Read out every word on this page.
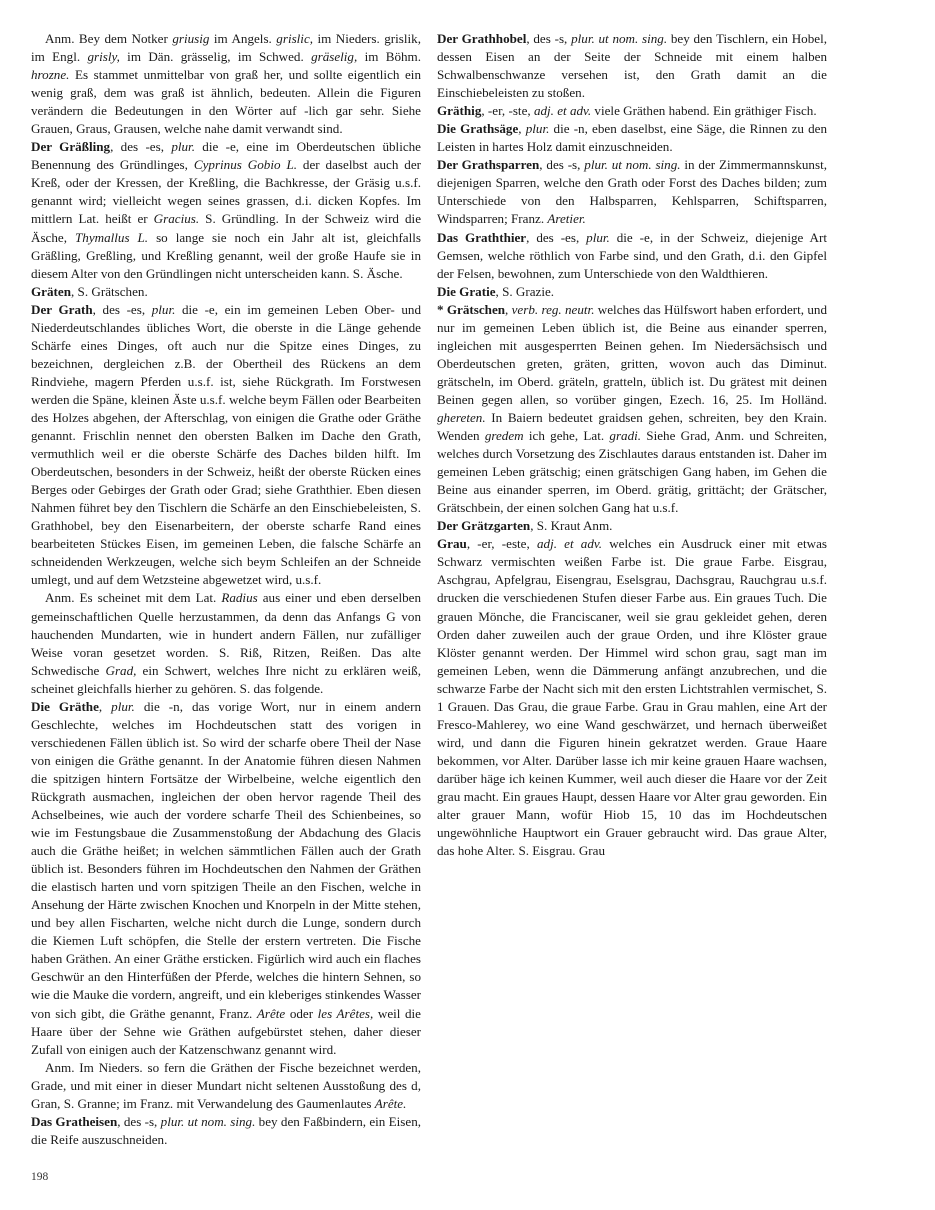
Anm. Bey dem Notker griusig im Angels. grislic, im Nieders. grislik, im Engl. grisly, im Dän. grässelig, im Schwed. gräselig, im Böhm. hrozne. Es stammet unmittelbar von graß her, und sollte eigentlich ein wenig graß, dem was graß ist ähnlich, bedeuten. Allein die Figuren verändern die Bedeutungen in den Wörter auf -lich gar sehr. Siehe Grauen, Graus, Grausen, welche nahe damit verwandt sind.

Der Gräßling, des -es, plur. die -e, eine im Oberdeutschen übliche Benennung des Gründlinges, Cyprinus Gobio L. der daselbst auch der Kreß, oder der Kressen, der Kreßling, die Bachkresse, der Gräsig u.s.f. genannt wird; vielleicht wegen seines grassen, d.i. dicken Kopfes. Im mittlern Lat. heißt er Gracius. S. Gründling. In der Schweiz wird die Äsche, Thymallus L. so lange sie noch ein Jahr alt ist, gleichfalls Gräßling, Greßling, und Kreßling genannt, weil der große Haufe sie in diesem Alter von den Gründlingen nicht unterscheiden kann. S. Äsche.

Gräten, S. Grätschen.

Der Grath, des -es, plur. die -e, ein im gemeinen Leben Ober- und Niederdeutschlandes übliches Wort, die oberste in die Länge gehende Schärfe eines Dinges, oft auch nur die Spitze eines Dinges, zu bezeichnen, dergleichen z.B. der Obertheil des Rückens an dem Rindviehe, magern Pferden u.s.f. ist, siehe Rückgrath. Im Forstwesen werden die Späne, kleinen Äste u.s.f. welche beym Fällen oder Bearbeiten des Holzes abgehen, der Afterschlag, von einigen die Grathe oder Gräthe genannt. Frischlin nennet den obersten Balken im Dache den Grath, vermuthlich weil er die oberste Schärfe des Daches bilden hilft. Im Oberdeutschen, besonders in der Schweiz, heißt der oberste Rücken eines Berges oder Gebirges der Grath oder Grad; siehe Graththier. Eben diesen Nahmen führet bey den Tischlern die Schärfe an den Einschiebeleisten, S. Grathhobel, bey den Eisenarbeitern, der oberste scharfe Rand eines bearbeiteten Stückes Eisen, im gemeinen Leben, die falsche Schärfe an schneidenden Werkzeugen, welche sich beym Schleifen an der Schneide umlegt, und auf dem Wetzsteine abgewetzet wird, u.s.f.

Anm. Es scheinet mit dem Lat. Radius aus einer und eben derselben gemeinschaftlichen Quelle herzustammen, da denn das Anfangs G von hauchenden Mundarten, wie in hundert andern Fällen, nur zufälliger Weise voran gesetzet worden. S. Riß, Ritzen, Reißen. Das alte Schwedische Grad, ein Schwert, welches Ihre nicht zu erklären weiß, scheinet gleichfalls hierher zu gehören. S. das folgende.

Die Gräthe, plur. die -n, das vorige Wort, nur in einem andern Geschlechte, welches im Hochdeutschen statt des vorigen in verschiedenen Fällen üblich ist. So wird der scharfe obere Theil der Nase von einigen die Gräthe genannt. In der Anatomie führen diesen Nahmen die spitzigen hintern Fortsätze der Wirbelbeine, welche eigentlich den Rückgrath ausmachen, ingleichen der oben hervor ragende Theil des Achselbeines, wie auch der vordere scharfe Theil des Schienbeines, so wie im Festungsbaue die Zusammenstoßung der Abdachung des Glacis auch die Gräthe heißet; in welchen sämmtlichen Fällen auch der Grath üblich ist. Besonders führen im Hochdeutschen den Nahmen der Gräthen die elastisch harten und vorn spitzigen Theile an den Fischen, welche in Ansehung der Härte zwischen Knochen und Knorpeln in der Mitte stehen, und bey allen Fischarten, welche nicht durch die Lunge, sondern durch die Kiemen Luft schöpfen, die Stelle der erstern vertreten. Die Fische haben Gräthen. An einer Gräthe ersticken. Figürlich wird auch ein flaches Geschwür an den Hinterfüßen der Pferde, welches die hintern Sehnen, so wie die Mauke die vordern, angreift, und ein kleberiges stinkendes Wasser von sich gibt, die Gräthe genannt, Franz. Arête oder les Arêtes, weil die Haare über der Sehne wie Gräthen aufgebürstet stehen, daher dieser Zufall von einigen auch der Katzenschwanz genannt wird.

Anm. Im Nieders. so fern die Gräthen der Fische bezeichnet werden, Grade, und mit einer in dieser Mundart nicht seltenen Ausstoßung des d, Gran, S. Granne; im Franz. mit Verwandelung des Gaumenlautes Arête.

Das Gratheisen, des -s, plur. ut nom. sing. bey den Faßbindern, ein Eisen, die Reife auszuschneiden.

Der Grathhobel, des -s, plur. ut nom. sing. bey den Tischlern, ein Hobel, dessen Eisen an der Seite der Schneide mit einem halben Schwalbenschwanze versehen ist, den Grath damit an die Einschiebeleisten zu stoßen.

Gräthig, -er, -ste, adj. et adv. viele Gräthen habend. Ein gräthiger Fisch.

Die Grathsäge, plur. die -n, eben daselbst, eine Säge, die Rinnen zu den Leisten in hartes Holz damit einzuschneiden.

Der Grathsparren, des -s, plur. ut nom. sing. in der Zimmermannskunst, diejenigen Sparren, welche den Grath oder Forst des Daches bilden; zum Unterschiede von den Halbsparren, Kehlsparren, Schiftsparren, Windsparren; Franz. Aretier.

Das Graththier, des -es, plur. die -e, in der Schweiz, diejenige Art Gemsen, welche röthlich von Farbe sind, und den Grath, d.i. den Gipfel der Felsen, bewohnen, zum Unterschiede von den Waldthieren.

Die Gratie, S. Grazie.

* Grätschen, verb. reg. neutr. welches das Hülfswort haben erfordert, und nur im gemeinen Leben üblich ist, die Beine aus einander sperren, ingleichen mit ausgesperrten Beinen gehen. Im Niedersächsisch und Oberdeutschen greten, gräten, gritten, wovon auch das Diminut. grätscheln, im Oberd. gräteln, gratteln, üblich ist. Du grätest mit deinen Beinen gegen allen, so vorüber gingen, Ezech. 16, 25. Im Holländ. ghereten. In Baiern bedeutet graidsen gehen, schreiten, bey den Krain. Wenden gredem ich gehe, Lat. gradi. Siehe Grad, Anm. und Schreiten, welches durch Vorsetzung des Zischlautes daraus entstanden ist. Daher im gemeinen Leben grätschig; einen grätschigen Gang haben, im Gehen die Beine aus einander sperren, im Oberd. grätig, grittächt; der Grätscher, Grätschbein, der einen solchen Gang hat u.s.f.

Der Grätzgarten, S. Kraut Anm.

Grau, -er, -este, adj. et adv. welches ein Ausdruck einer mit etwas Schwarz vermischten weißen Farbe ist. Die graue Farbe. Eisgrau, Aschgrau, Apfelgrau, Eisengrau, Eselsgrau, Dachsgrau, Rauchgrau u.s.f. drucken die verschiedenen Stufen dieser Farbe aus. Ein graues Tuch. Die grauen Mönche, die Franciscaner, weil sie grau gekleidet gehen, deren Orden daher zuweilen auch der graue Orden, und ihre Klöster graue Klöster genannt werden. Der Himmel wird schon grau, sagt man im gemeinen Leben, wenn die Dämmerung anfängt anzubrechen, und die schwarze Farbe der Nacht sich mit den ersten Lichtstrahlen vermischet, S. 1 Grauen. Das Grau, die graue Farbe. Grau in Grau mahlen, eine Art der Fresco-Mahlerey, wo eine Wand geschwärzet, und hernach überweißet wird, und dann die Figuren hinein gekratzet werden. Graue Haare bekommen, vor Alter. Darüber lasse ich mir keine grauen Haare wachsen, darüber häge ich keinen Kummer, weil auch dieser die Haare vor der Zeit grau macht. Ein graues Haupt, dessen Haare vor Alter grau geworden. Ein alter grauer Mann, wofür Hiob 15, 10 das im Hochdeutschen ungewöhnliche Hauptwort ein Grauer gebraucht wird. Das graue Alter, das hohe Alter. S. Eisgrau. Grau

198
